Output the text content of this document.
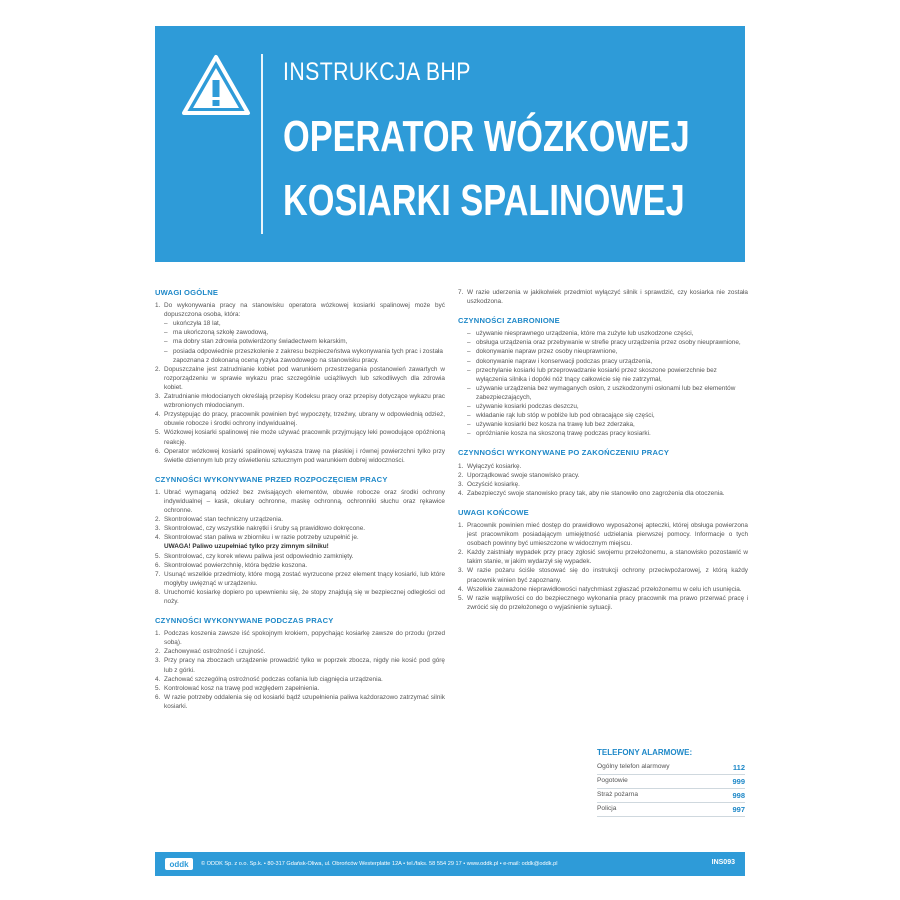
INSTRUKCJA BHP
OPERATOR WÓZKOWEJ
KOSIARKI SPALINOWEJ
UWAGI OGÓLNE
1. Do wykonywania pracy na stanowisku operatora wózkowej kosiarki spalinowej może być dopuszczona osoba, która:
– ukończyła 18 lat,
– ma ukończoną szkołę zawodową,
– ma dobry stan zdrowia potwierdzony świadectwem lekarskim,
– posiada odpowiednie przeszkolenie z zakresu bezpieczeństwa wykonywania tych prac i została zapoznana z dokonaną oceną ryzyka zawodowego na stanowisku pracy.
2. Dopuszczalne jest zatrudnianie kobiet pod warunkiem przestrzegania postanowień zawartych w rozporządzeniu w sprawie wykazu prac szczególnie uciążliwych lub szkodliwych dla zdrowia kobiet.
3. Zatrudnianie młodocianych określają przepisy Kodeksu pracy oraz przepisy dotyczące wykazu prac wzbronionych młodocianym.
4. Przystępując do pracy, pracownik powinien być wypoczęty, trzeźwy, ubrany w odpowiednią odzież, obuwie robocze i środki ochrony indywidualnej.
5. Wózkowej kosiarki spalinowej nie może używać pracownik przyjmujący leki powodujące opóźnioną reakcję.
6. Operator wózkowej kosiarki spalinowej wykasza trawę na płaskiej i równej powierzchni tylko przy świetle dziennym lub przy oświetleniu sztucznym pod warunkiem dobrej widoczności.
CZYNNOŚCI WYKONYWANE PRZED ROZPOCZĘCIEM PRACY
1. Ubrać wymaganą odzież bez zwisających elementów, obuwie robocze oraz środki ochrony indywidualnej – kask, okulary ochronne, maskę ochronną, ochronniki słuchu oraz rękawice ochronne.
2. Skontrolować stan techniczny urządzenia.
3. Skontrolować, czy wszystkie nakrętki i śruby są prawidłowo dokręcone.
4. Skontrolować stan paliwa w zbiorniku i w razie potrzeby uzupełnić je.
UWAGA! Paliwo uzupełniać tylko przy zimnym silniku!
5. Skontrolować, czy korek wlewu paliwa jest odpowiednio zamknięty.
6. Skontrolować powierzchnię, która będzie koszona.
7. Usunąć wszelkie przedmioty, które mogą zostać wyrzucone przez element tnący kosiarki, lub które mogłyby uwięznąć w urządzeniu.
8. Uruchomić kosiarkę dopiero po upewnieniu się, że stopy znajdują się w bezpiecznej odległości od noży.
CZYNNOŚCI WYKONYWANE PODCZAS PRACY
1. Podczas koszenia zawsze iść spokojnym krokiem, popychając kosiarkę zawsze do przodu (przed sobą).
2. Zachowywać ostrożność i czujność.
3. Przy pracy na zboczach urządzenie prowadzić tylko w poprzek zbocza, nigdy nie kosić pod górę lub z górki.
4. Zachować szczególną ostrożność podczas cofania lub ciągnięcia urządzenia.
5. Kontrolować kosz na trawę pod względem zapełnienia.
6. W razie potrzeby oddalenia się od kosiarki bądź uzupełnienia paliwa każdorazowo zatrzymać silnik kosiarki.
7. W razie uderzenia w jakikolwiek przedmiot wyłączyć silnik i sprawdzić, czy kosiarka nie została uszkodzona.
CZYNNOŚCI ZABRONIONE
– używanie niesprawnego urządzenia, które ma zużyte lub uszkodzone części,
– obsługa urządzenia oraz przebywanie w strefie pracy urządzenia przez osoby nieuprawnione,
– dokonywanie napraw przez osoby nieuprawnione,
– dokonywanie napraw i konserwacji podczas pracy urządzenia,
– przechylanie kosiarki lub przeprowadzanie kosiarki przez skoszone powierzchnie bez wyłączenia silnika i dopóki nóż tnący całkowicie się nie zatrzymał,
– używanie urządzenia bez wymaganych osłon, z uszkodzonymi osłonami lub bez elementów zabezpieczających,
– używanie kosiarki podczas deszczu,
– wkładanie rąk lub stóp w pobliże lub pod obracające się części,
– używanie kosiarki bez kosza na trawę lub bez zderzaka,
– opróżnianie kosza na skoszoną trawę podczas pracy kosiarki.
CZYNNOŚCI WYKONYWANE PO ZAKOŃCZENIU PRACY
1. Wyłączyć kosiarkę.
2. Uporządkować swoje stanowisko pracy.
3. Oczyścić kosiarkę.
4. Zabezpieczyć swoje stanowisko pracy tak, aby nie stanowiło ono zagrożenia dla otoczenia.
UWAGI KOŃCOWE
1. Pracownik powinien mieć dostęp do prawidłowo wyposażonej apteczki, której obsługa powierzona jest pracownikom posiadającym umiejętność udzielania pierwszej pomocy. Informacje o tych osobach powinny być umieszczone w widocznym miejscu.
2. Każdy zaistniały wypadek przy pracy zgłosić swojemu przełożonemu, a stanowisko pozostawić w takim stanie, w jakim wydarzył się wypadek.
3. W razie pożaru ściśle stosować się do instrukcji ochrony przeciwpożarowej, z którą każdy pracownik winien być zapoznany.
4. Wszelkie zauważone nieprawidłowości natychmiast zgłaszać przełożonemu w celu ich usunięcia.
5. W razie wątpliwości co do bezpiecznego wykonania pracy pracownik ma prawo przerwać pracę i zwrócić się do przełożonego o wyjaśnienie sytuacji.
TELEFONY ALARMOWE:
Ogólny telefon alarmowy	112
Pogotowie	999
Straż pożarna	998
Policja	997
oddk	© ODDK Sp. z o.o. Sp.k. • 80-317 Gdańsk-Oliwa, ul. Obrońców Westerplatte 12A • tel./faks. 58 554 29 17 • www.oddk.pl • e-mail: oddk@oddk.pl	INS093
